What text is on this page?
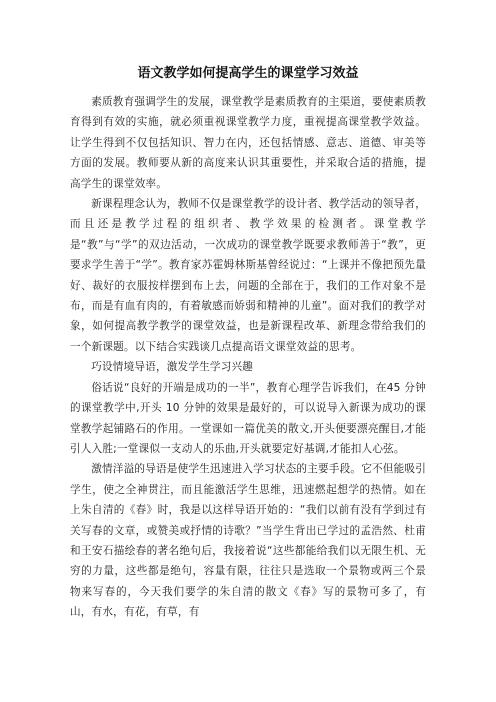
语文教学如何提高学生的课堂学习效益

素质教育强调学生的发展，课堂教学是素质教育的主渠道，要使素质教育得到有效的实施，就必须重视课堂教学力度，重视提高课堂教学效益。让学生得到不仅包括知识、智力在内，还包括情感、意志、道德、审美等方面的发展。教师要从新的高度来认识其重要性，并采取合适的措施，提高学生的课堂效率。

新课程理念认为，教师不仅是课堂教学的设计者、教学活动的领导者，而且还是教学过程的组织者、教学效果的检测者。课堂教学是“教”与“学”的双边活动，一次成功的课堂教学既要求教师善于“教”，更要求学生善于“学”。教育家苏霍姆林斯基曾经说过：“上课并不像把预先量好、裁好的衣服按样摆到布上去，问题的全部在于，我们的工作对象不是布，而是有血有肉的，有着敏感而娇弱和精神的儿童”。面对我们的教学对象，如何提高教学教学的课堂效益，也是新课程改革、新理念带给我们的一个新课题。以下结合实践谈几点提高语文课堂效益的思考。

巧设情境导语，激发学生学习兴趣

俗话说“良好的开端是成功的一半”，教育心理学告诉我们，在45 分钟的课堂教学中,开头 10 分钟的效果是最好的，可以说导入新课为成功的课堂教学起铺路石的作用。一堂课如一篇优美的散文,开头便要漂亮醒目,才能引人入胜;一堂课似一支动人的乐曲,开头就要定好基调,才能扣人心弦。

激情洋溢的导语是使学生迅速进入学习状态的主要手段。它不但能吸引学生，使之全神贯注，而且能激活学生思维，迅速燃起想学的热情。如在上朱自清的《春》时，我是以这样导语开始的：“我们以前有没有学到过有关写春的文章，或赞美或抒情的诗歌？”当学生背出已学过的孟浩然、杜甫和王安石描绘春的著名绝句后，我接着说“这些都能给我们以无限生机、无穷的力量，这些都是绝句，容量有限，往往只是选取一个景物或两三个景物来写春的，今天我们要学的朱自清的散文《春》写的景物可多了，有山，有水，有花，有草，有
